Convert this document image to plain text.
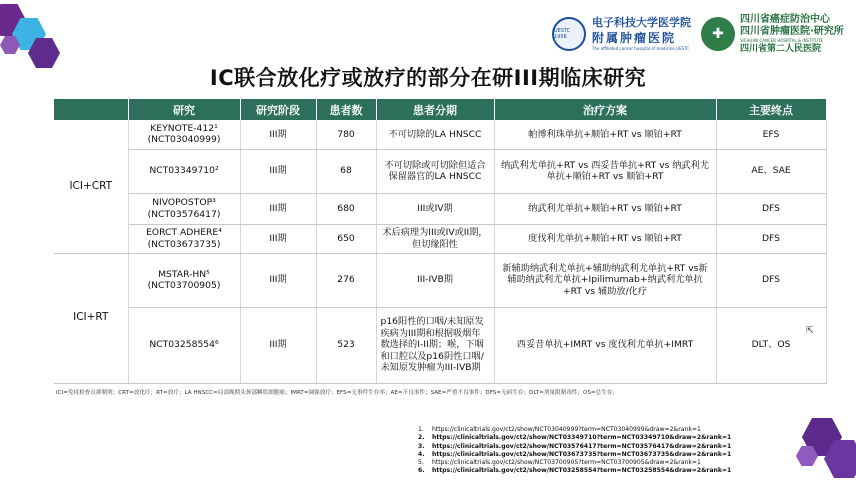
UESTC 1956
电子科技大学医学院
附属肿瘤医院
The affiliated cancer hospital of medicine,UESTC
✚
四川省癌症防治中心
四川省肿瘤医院·研究所
SICHUAN CANCER HOSPITAL & INSTITUTE
四川省第二人民医院
IC联合放化疗或放疗的部分在研III期临床研究
	研究	研究阶段	患者数	患者分期	治疗方案	主要终点
ICI+CRT	KEYNOTE-412¹ (NCT03040999)	III期	780	不可切除的LA HNSCC	帕博利珠单抗+顺铂+RT vs 顺铂+RT	EFS
	NCT03349710²	III期	68	不可切除或可切除但适合保留器官的LA HNSCC	纳武利尤单抗+RT vs 西妥昔单抗+RT vs 纳武利尤单抗+顺铂+RT vs 顺铂+RT	AE、SAE
	NIVOPOSTOP³ (NCT03576417)	III期	680	III或IV期	纳武利尤单抗+顺铂+RT vs 顺铂+RT	DFS
	EORCT ADHERE⁴ (NCT03673735)	III期	650	术后病理为III或IV或II期，但切缘阳性	度伐利尤单抗+顺铂+RT vs 顺铂+RT	DFS
ICI+RT	MSTAR-HN⁵ (NCT03700905)	III期	276	III-IVB期	新辅助纳武利尤单抗+辅助纳武利尤单抗+RT vs新辅助纳武利尤单抗+Ipilimumab+纳武利尤单抗+RT vs 辅助放/化疗	DFS
	NCT03258554⁶	III期	523	p16阳性的口咽/未知原发疾病为III期和根据吸烟年数选择的I-II期；喉，下咽和口腔以及p16阴性口咽/未知原发肿瘤为III-IVB期	西妥昔单抗+IMRT vs 度伐利尤单抗+IMRT	DLT、OS
ICI=免疫检查点抑制剂；CRT=放化疗；RT=放疗；LA HNSCC=局部晚期头颈部鳞状细胞癌；IMRT=调强放疗；EFS=无事件生存率；AE=不良事件；SAE=严重不良事件；DFS=无病生存；DLT=剂量限制毒性；OS=总生存；
1. https://clinicaltrials.gov/ct2/show/NCT03040999?term=NCT03040999&draw=2&rank=1
2. https://clinicaltrials.gov/ct2/show/NCT03349710?term=NCT03349710&draw=2&rank=1
3. https://clinicaltrials.gov/ct2/show/NCT03576417?term=NCT03576417&draw=2&rank=1
4. https://clinicaltrials.gov/ct2/show/NCT03673735?term=NCT03673735&draw=2&rank=1
5. https://clinicaltrials.gov/ct2/show/NCT03700905?term=NCT03700905&draw=2&rank=1
6. https://clinicaltrials.gov/ct2/show/NCT03258554?term=NCT03258554&draw=2&rank=1
⇱
